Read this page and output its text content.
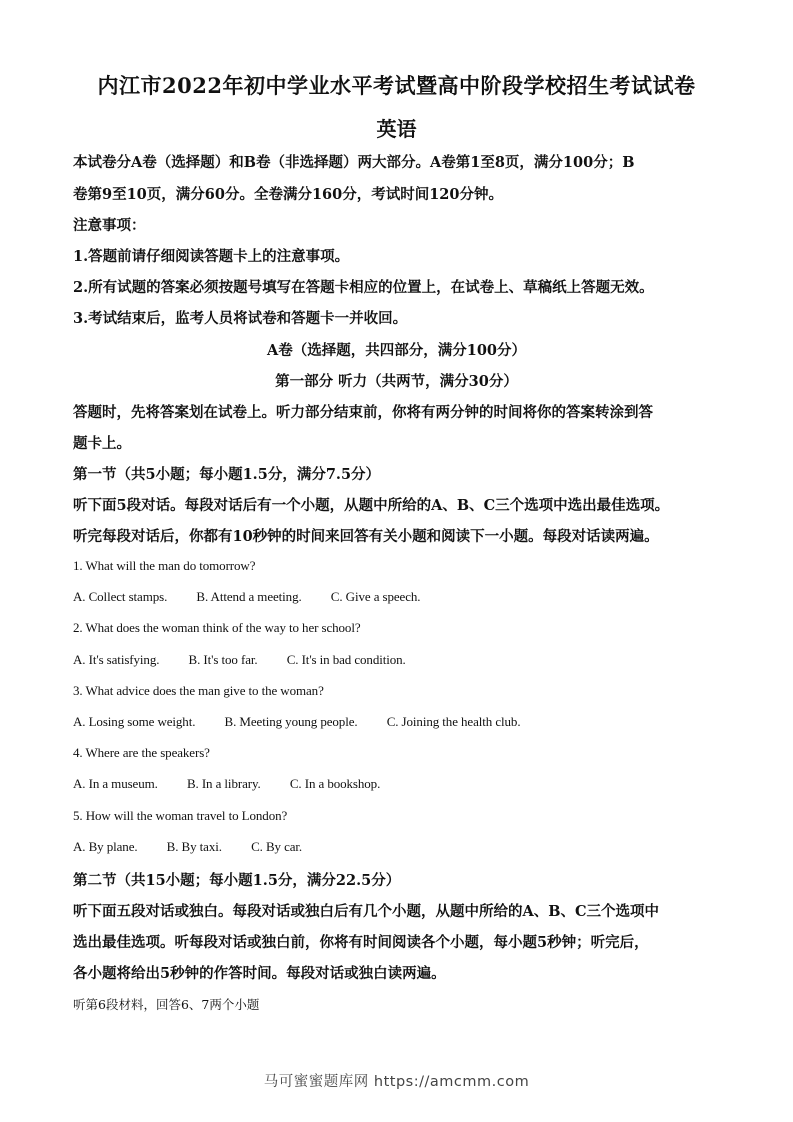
内江市2022年初中学业水平考试暨高中阶段学校招生考试试卷
英语
本试卷分A卷（选择题）和B卷（非选择题）两大部分。A卷第1至8页，满分100分；B
卷第9至10页，满分60分。全卷满分160分，考试时间120分钟。
注意事项：
1.答题前请仔细阅读答题卡上的注意事项。
2.所有试题的答案必须按题号填写在答题卡相应的位置上，在试卷上、草稿纸上答题无效。
3.考试结束后，监考人员将试卷和答题卡一并收回。
A卷（选择题，共四部分，满分100分）
第一部分 听力（共两节，满分30分）
答题时，先将答案划在试卷上。听力部分结束前，你将有两分钟的时间将你的答案转涂到答
题卡上。
第一节（共5小题；每小题1.5分，满分7.5分）
听下面5段对话。每段对话后有一个小题，从题中所给的A、B、C三个选项中选出最佳选项。
听完每段对话后，你都有10秒钟的时间来回答有关小题和阅读下一小题。每段对话读两遍。
1. What will the man do tomorrow?
A. Collect stamps. B. Attend a meeting. C. Give a speech.
2. What does the woman think of the way to her school?
A. It's satisfying. B. It's too far. C. It's in bad condition.
3. What advice does the man give to the woman?
A. Losing some weight. B. Meeting young people. C. Joining the health club.
4. Where are the speakers?
A. In a museum. B. In a library. C. In a bookshop.
5. How will the woman travel to London?
A. By plane. B. By taxi. C. By car.
第二节（共15小题；每小题1.5分，满分22.5分）
听下面五段对话或独白。每段对话或独白后有几个小题，从题中所给的A、B、C三个选项中
选出最佳选项。听每段对话或独白前，你将有时间阅读各个小题，每小题5秒钟；听完后，
各小题将给出5秒钟的作答时间。每段对话或独白读两遍。
听第6段材料，回答6、7两个小题
马可蜜蜜题库网 https://amcmm.com
